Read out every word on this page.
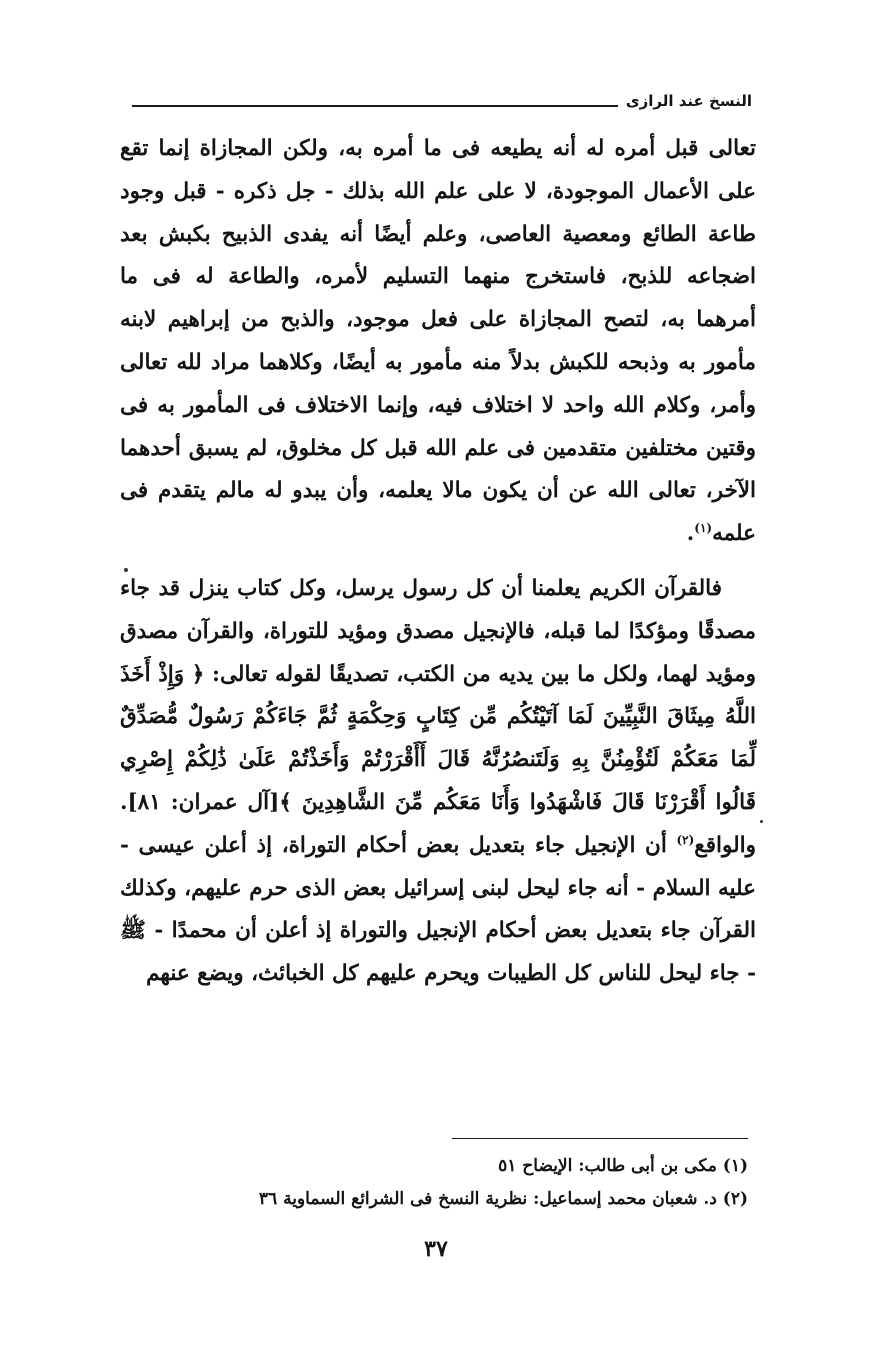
النسخ عند الرازى

تعالى قبل أمره له أنه يطيعه فى ما أمره به، ولكن المجازاة إنما تقع على الأعمال الموجودة، لا على علم الله بذلك - جل ذكره - قبل وجود طاعة الطائع ومعصية العاصى، وعلم أيضًا أنه يفدى الذبيح بكبش بعد اضجاعه للذبح، فاستخرج منهما التسليم لأمره، والطاعة له فى ما أمرهما به، لتصح المجازاة على فعل موجود، والذبح من إبراهيم لابنه مأمور به وذبحه للكبش بدلاً منه مأمور به أيضًا، وكلاهما مراد لله تعالى وأمر، وكلام الله واحد لا اختلاف فيه، وإنما الاختلاف فى المأمور به فى وقتين مختلفين متقدمين فى علم الله قبل كل مخلوق، لم يسبق أحدهما الآخر، تعالى الله عن أن يكون مالا يعلمه، وأن يبدو له مالم يتقدم فى علمه$^{(١)}$.

فالقرآن الكريم يعلمنا أن كل رسول يرسل، وكل كتاب ينزل قد جاء مصدقًا ومؤكدًا لما قبله، فالإنجيل مصدق ومؤيد للتوراة، والقرآن مصدق ومؤيد لهما، ولكل ما بين يديه من الكتب، تصديقًا لقوله تعالى: ﴿ وَإِذْ أَخَذَ اللَّهُ مِيثَاقَ النَّبِيِّينَ لَمَا آتَيْتُكُم مِّن كِتَابٍ وَحِكْمَةٍ ثُمَّ جَاءَكُمْ رَسُولٌ مُّصَدِّقٌ لِّمَا مَعَكُمْ لَتُؤْمِنُنَّ بِهِ وَلَتَنصُرُنَّهُ قَالَ أَأَقْرَرْتُمْ وَأَخَذْتُمْ عَلَىٰ ذَٰلِكُمْ إِصْرِي قَالُوا أَقْرَرْنَا قَالَ فَاشْهَدُوا وَأَنَا مَعَكُم مِّنَ الشَّاهِدِينَ ﴾[آل عمران: ٨١]. والواقع$^{(٢)}$ أن الإنجيل جاء بتعديل بعض أحكام التوراة، إذ أعلن عيسى - عليه السلام - أنه جاء ليحل لبنى إسرائيل بعض الذى حرم عليهم، وكذلك القرآن جاء بتعديل بعض أحكام الإنجيل والتوراة إذ أعلن أن محمدًا - ﷺ - جاء ليحل للناس كل الطيبات ويحرم عليهم كل الخبائث، ويضع عنهم

(١) مكى بن أبى طالب: الإيضاح ٥١

(٢) د. شعبان محمد إسماعيل: نظرية النسخ فى الشرائع السماوية ٣٦

٣٧
